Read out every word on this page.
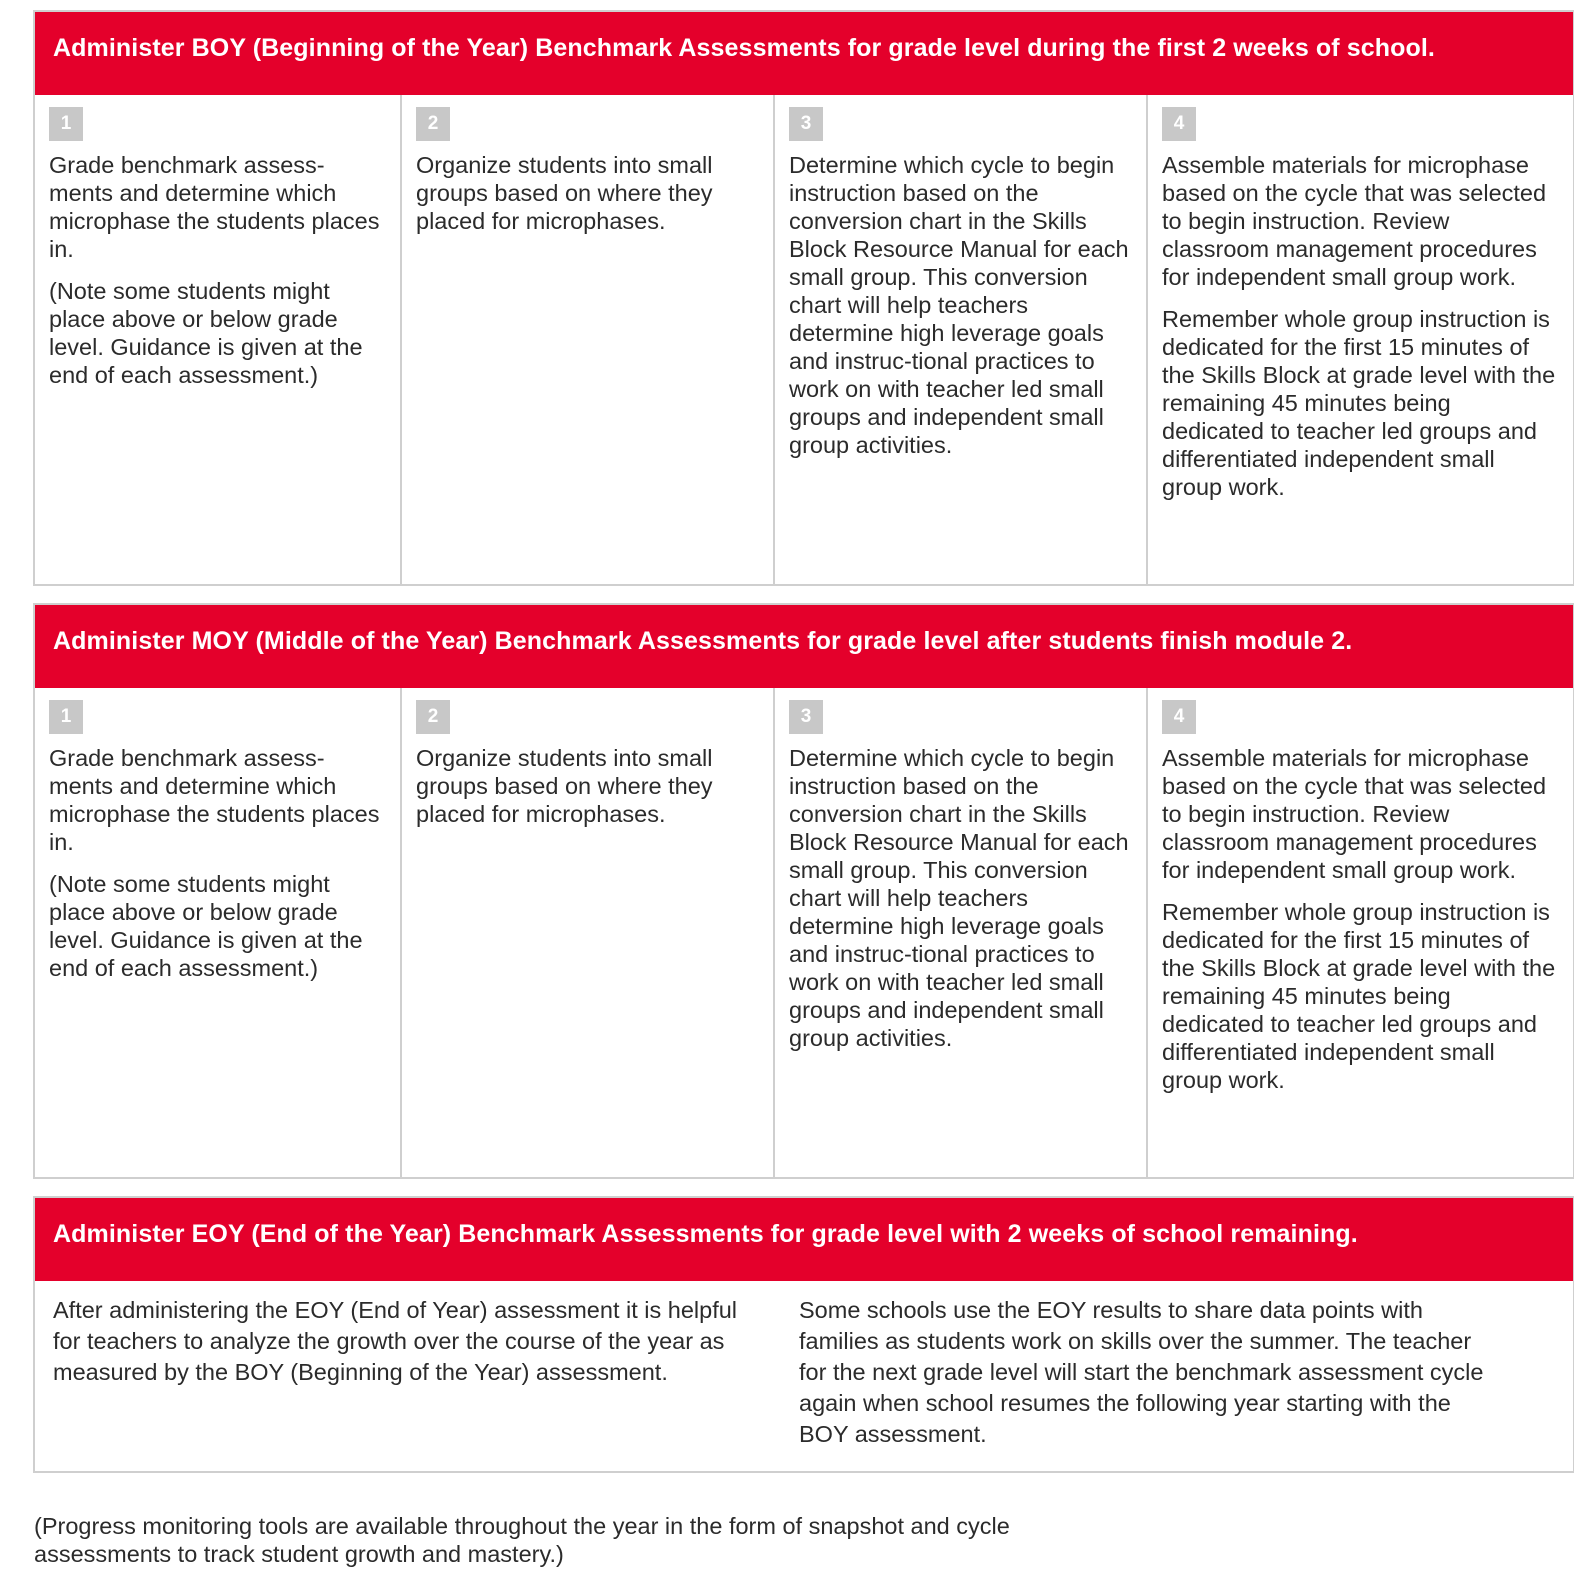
Administer BOY (Beginning of the Year) Benchmark Assessments for grade level during the first 2 weeks of school.
1

Grade benchmark assess-ments and determine which microphase the students places in.

(Note some students might place above or below grade level. Guidance is given at the end of each assessment.)

2

Organize students into small groups based on where they placed for microphases.

3

Determine which cycle to begin instruction based on the conversion chart in the Skills Block Resource Manual for each small group. This conversion chart will help teachers determine high leverage goals and instruc-tional practices to work on with teacher led small groups and independent small group activities.

4

Assemble materials for microphase based on the cycle that was selected to begin instruction. Review classroom management procedures for independent small group work.

Remember whole group instruction is dedicated for the first 15 minutes of the Skills Block at grade level with the remaining 45 minutes being dedicated to teacher led groups and differentiated independent small group work.

Administer MOY (Middle of the Year) Benchmark Assessments for grade level after students finish module 2.
1

Grade benchmark assess-ments and determine which microphase the students places in.

(Note some students might place above or below grade level. Guidance is given at the end of each assessment.)

2

Organize students into small groups based on where they placed for microphases.

3

Determine which cycle to begin instruction based on the conversion chart in the Skills Block Resource Manual for each small group. This conversion chart will help teachers determine high leverage goals and instruc-tional practices to work on with teacher led small groups and independent small group activities.

4

Assemble materials for microphase based on the cycle that was selected to begin instruction. Review classroom management procedures for independent small group work.

Remember whole group instruction is dedicated for the first 15 minutes of the Skills Block at grade level with the remaining 45 minutes being dedicated to teacher led groups and differentiated independent small group work.

Administer EOY (End of the Year) Benchmark Assessments for grade level with 2 weeks of school remaining.

After administering the EOY (End of Year) assessment it is helpful for teachers to analyze the growth over the course of the year as measured by the BOY (Beginning of the Year) assessment.

Some schools use the EOY results to share data points with families as students work on skills over the summer. The teacher for the next grade level will start the benchmark assessment cycle again when school resumes the following year starting with the BOY assessment.

(Progress monitoring tools are available throughout the year in the form of snapshot and cycle assessments to track student growth and mastery.)
